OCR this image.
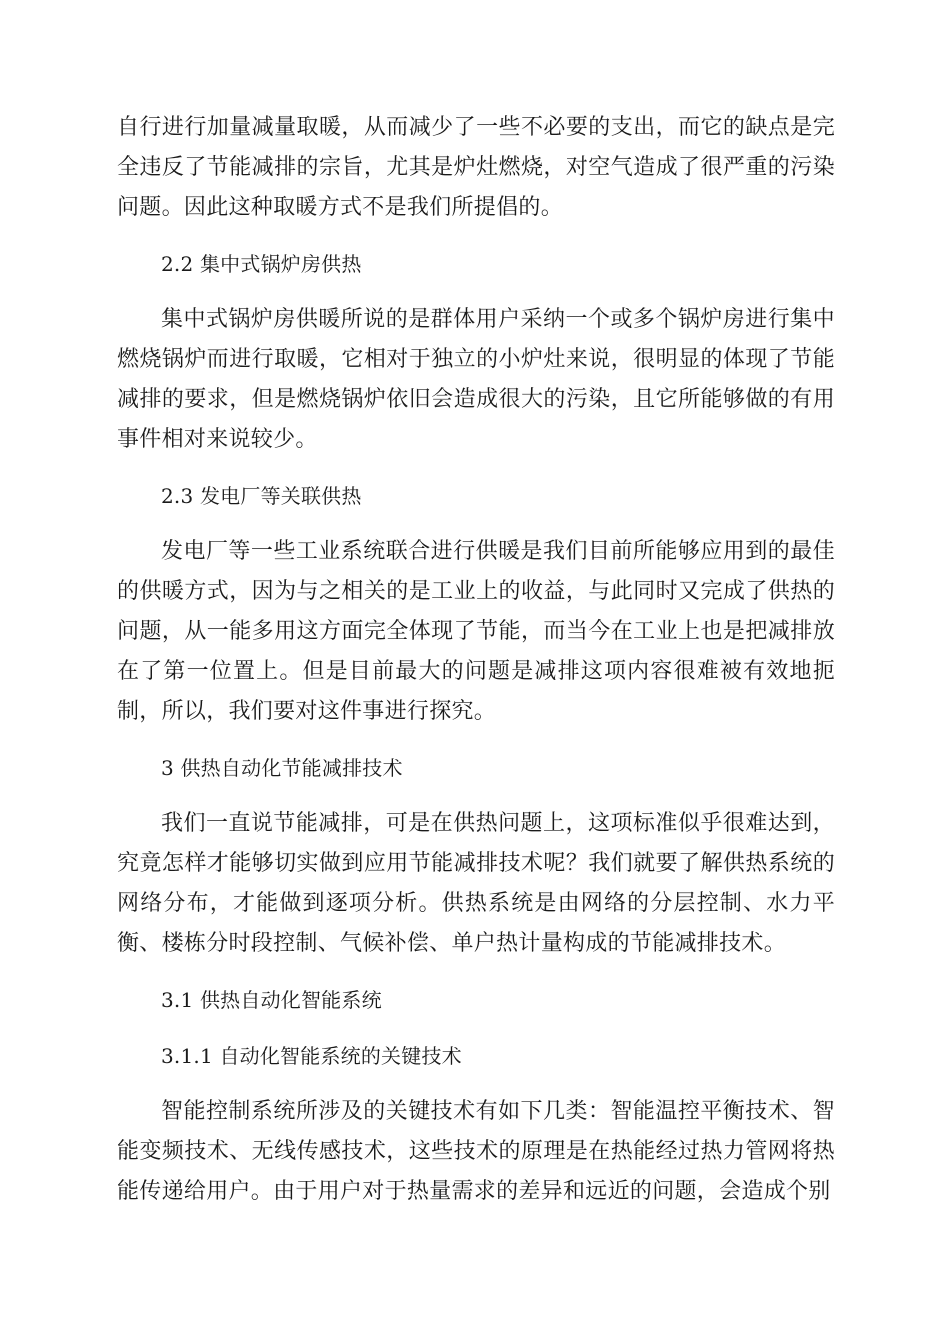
自行进行加量减量取暖，从而减少了一些不必要的支出，而它的缺点是完全违反了节能减排的宗旨，尤其是炉灶燃烧，对空气造成了很严重的污染问题。因此这种取暖方式不是我们所提倡的。

2.2 集中式锅炉房供热

集中式锅炉房供暖所说的是群体用户采纳一个或多个锅炉房进行集中燃烧锅炉而进行取暖，它相对于独立的小炉灶来说，很明显的体现了节能减排的要求，但是燃烧锅炉依旧会造成很大的污染，且它所能够做的有用事件相对来说较少。

2.3 发电厂等关联供热

发电厂等一些工业系统联合进行供暖是我们目前所能够应用到的最佳的供暖方式，因为与之相关的是工业上的收益，与此同时又完成了供热的问题，从一能多用这方面完全体现了节能，而当今在工业上也是把减排放在了第一位置上。但是目前最大的问题是减排这项内容很难被有效地扼制，所以，我们要对这件事进行探究。

3 供热自动化节能减排技术

我们一直说节能减排，可是在供热问题上，这项标准似乎很难达到，究竟怎样才能够切实做到应用节能减排技术呢？我们就要了解供热系统的网络分布，才能做到逐项分析。供热系统是由网络的分层控制、水力平衡、楼栋分时段控制、气候补偿、单户热计量构成的节能减排技术。

3.1 供热自动化智能系统

3.1.1 自动化智能系统的关键技术

智能控制系统所涉及的关键技术有如下几类：智能温控平衡技术、智能变频技术、无线传感技术，这些技术的原理是在热能经过热力管网将热能传递给用户。由于用户对于热量需求的差异和远近的问题，会造成个别
